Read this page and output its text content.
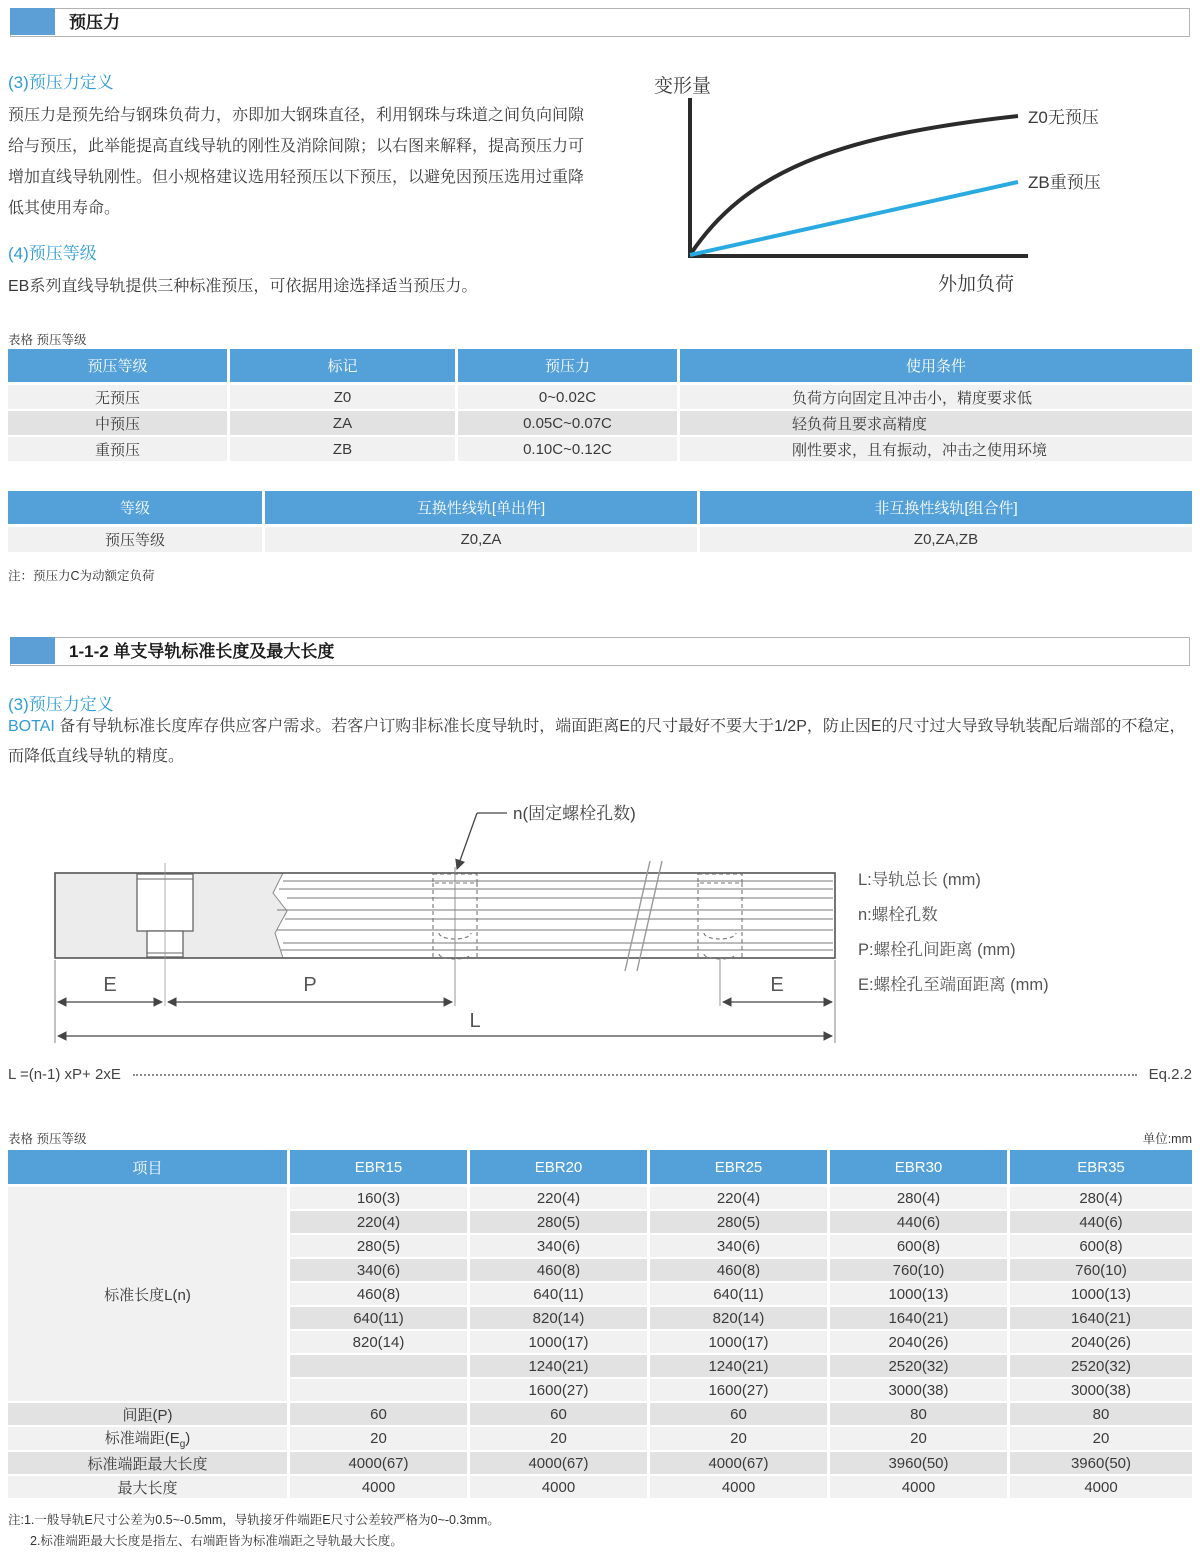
预压力
(3)预压力定义

预压力是预先给与钢珠负荷力，亦即加大钢珠直径，利用钢珠与珠道之间负向间隙给与预压，此举能提高直线导轨的刚性及消除间隙；以右图来解释，提高预压力可增加直线导轨刚性。但小规格建议选用轻预压以下预压，以避免因预压选用过重降低其使用寿命。

(4)预压等级

EB系列直线导轨提供三种标准预压，可依据用途选择适当预压力。

变形量
Z0无预压
ZB重预压
外加负荷
表格 预压等级
预压等级	标记	预压力	使用条件
无预压	Z0	0~0.02C	负荷方向固定且冲击小，精度要求低
中预压	ZA	0.05C~0.07C	轻负荷且要求高精度
重预压	ZB	0.10C~0.12C	刚性要求，且有振动，冲击之使用环境
等级	互换性线轨[单出件]	非互换性线轨[组合件]
预压等级	Z0,ZA	Z0,ZA,ZB
注：预压力C为动额定负荷
1-1-2 单支导轨标准长度及最大长度
(3)预压力定义

BOTAI 备有导轨标准长度库存供应客户需求。若客户订购非标准长度导轨时，端面距离E的尺寸最好不要大于1/2P，防止因E的尺寸过大导致导轨装配后端部的不稳定，而降低直线导轨的精度。

n(固定螺栓孔数)
E	P	E
L
L:导轨总长 (mm)
n:螺栓孔数
P:螺栓孔间距离 (mm)
E:螺栓孔至端面距离 (mm)
L =(n-1) xP+ 2xE	Eq.2.2
表格 预压等级	单位:mm
项目	EBR15	EBR20	EBR25	EBR30	EBR35
标准长度L(n)	160(3)	220(4)	220(4)	280(4)	280(4)
	220(4)	280(5)	280(5)	440(6)	440(6)
	280(5)	340(6)	340(6)	600(8)	600(8)
	340(6)	460(8)	460(8)	760(10)	760(10)
	460(8)	640(11)	640(11)	1000(13)	1000(13)
	640(11)	820(14)	820(14)	1640(21)	1640(21)
	820(14)	1000(17)	1000(17)	2040(26)	2040(26)
		1240(21)	1240(21)	2520(32)	2520(32)
		1600(27)	1600(27)	3000(38)	3000(38)
间距(P)	60	60	60	80	80
标准端距$(E_g)$	20	20	20	20	20
标准端距最大长度	4000(67)	4000(67)	4000(67)	3960(50)	3960(50)
最大长度	4000	4000	4000	4000	4000
注:1.一般导轨E尺寸公差为0.5~-0.5mm，导轨接牙件端距E尺寸公差较严格为0~-0.3mm。
2.标准端距最大长度是指左、右端距皆为标准端距之导轨最大长度。
